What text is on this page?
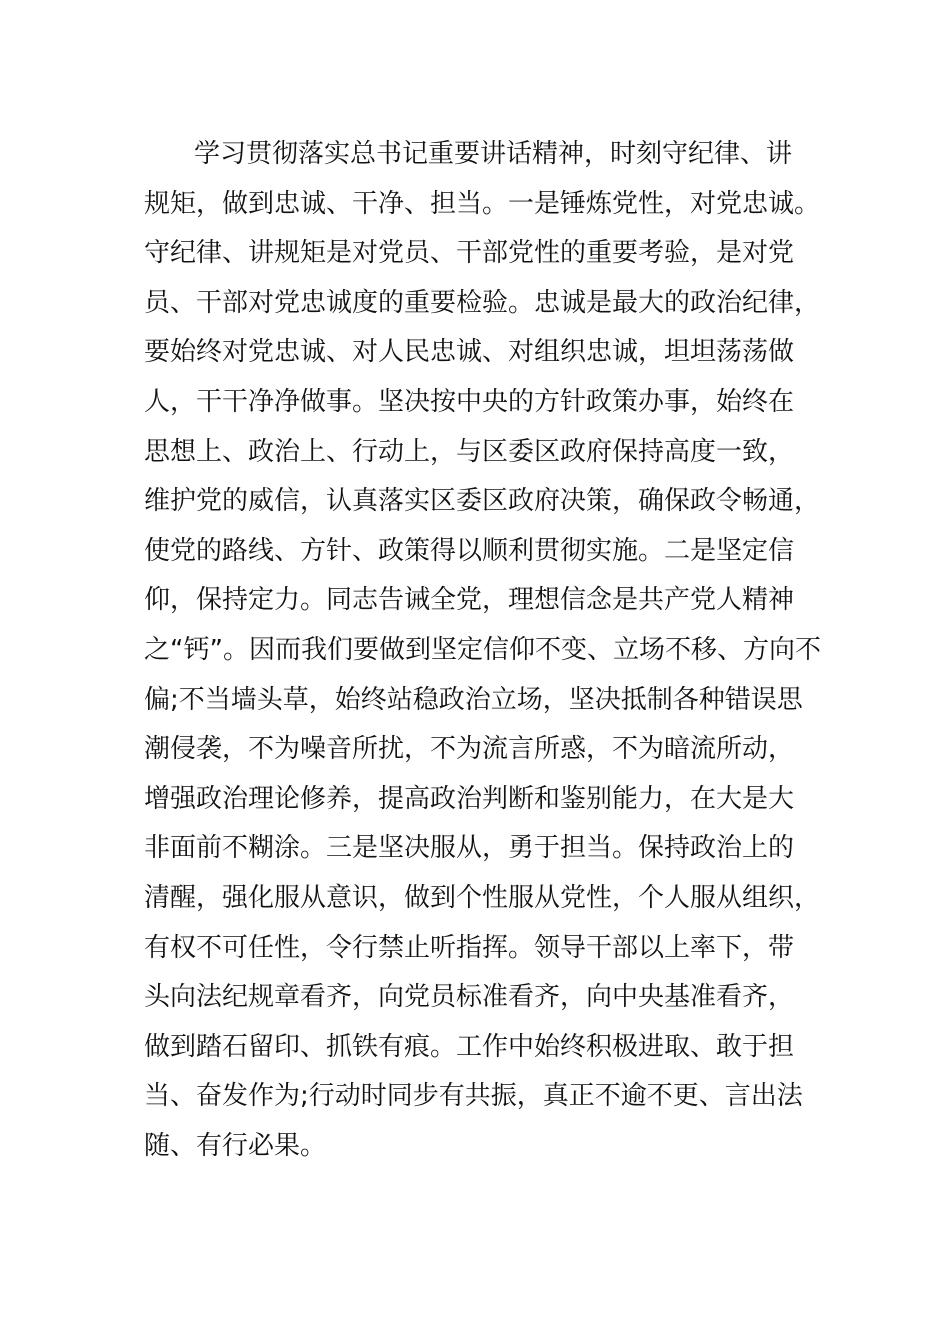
学习贯彻落实总书记重要讲话精神，时刻守纪律、讲
规矩，做到忠诚、干净、担当。一是锤炼党性，对党忠诚。
守纪律、讲规矩是对党员、干部党性的重要考验，是对党
员、干部对党忠诚度的重要检验。忠诚是最大的政治纪律，
要始终对党忠诚、对人民忠诚、对组织忠诚，坦坦荡荡做
人，干干净净做事。坚决按中央的方针政策办事，始终在
思想上、政治上、行动上，与区委区政府保持高度一致，
维护党的威信，认真落实区委区政府决策，确保政令畅通，
使党的路线、方针、政策得以顺利贯彻实施。二是坚定信
仰，保持定力。同志告诫全党，理想信念是共产党人精神
之“钙”。因而我们要做到坚定信仰不变、立场不移、方向不
偏;不当墙头草，始终站稳政治立场，坚决抵制各种错误思
潮侵袭，不为噪音所扰，不为流言所惑，不为暗流所动，
增强政治理论修养，提高政治判断和鉴别能力，在大是大
非面前不糊涂。三是坚决服从，勇于担当。保持政治上的
清醒，强化服从意识，做到个性服从党性，个人服从组织，
有权不可任性，令行禁止听指挥。领导干部以上率下，带
头向法纪规章看齐，向党员标准看齐，向中央基准看齐，
做到踏石留印、抓铁有痕。工作中始终积极进取、敢于担
当、奋发作为;行动时同步有共振，真正不逾不更、言出法
随、有行必果。
